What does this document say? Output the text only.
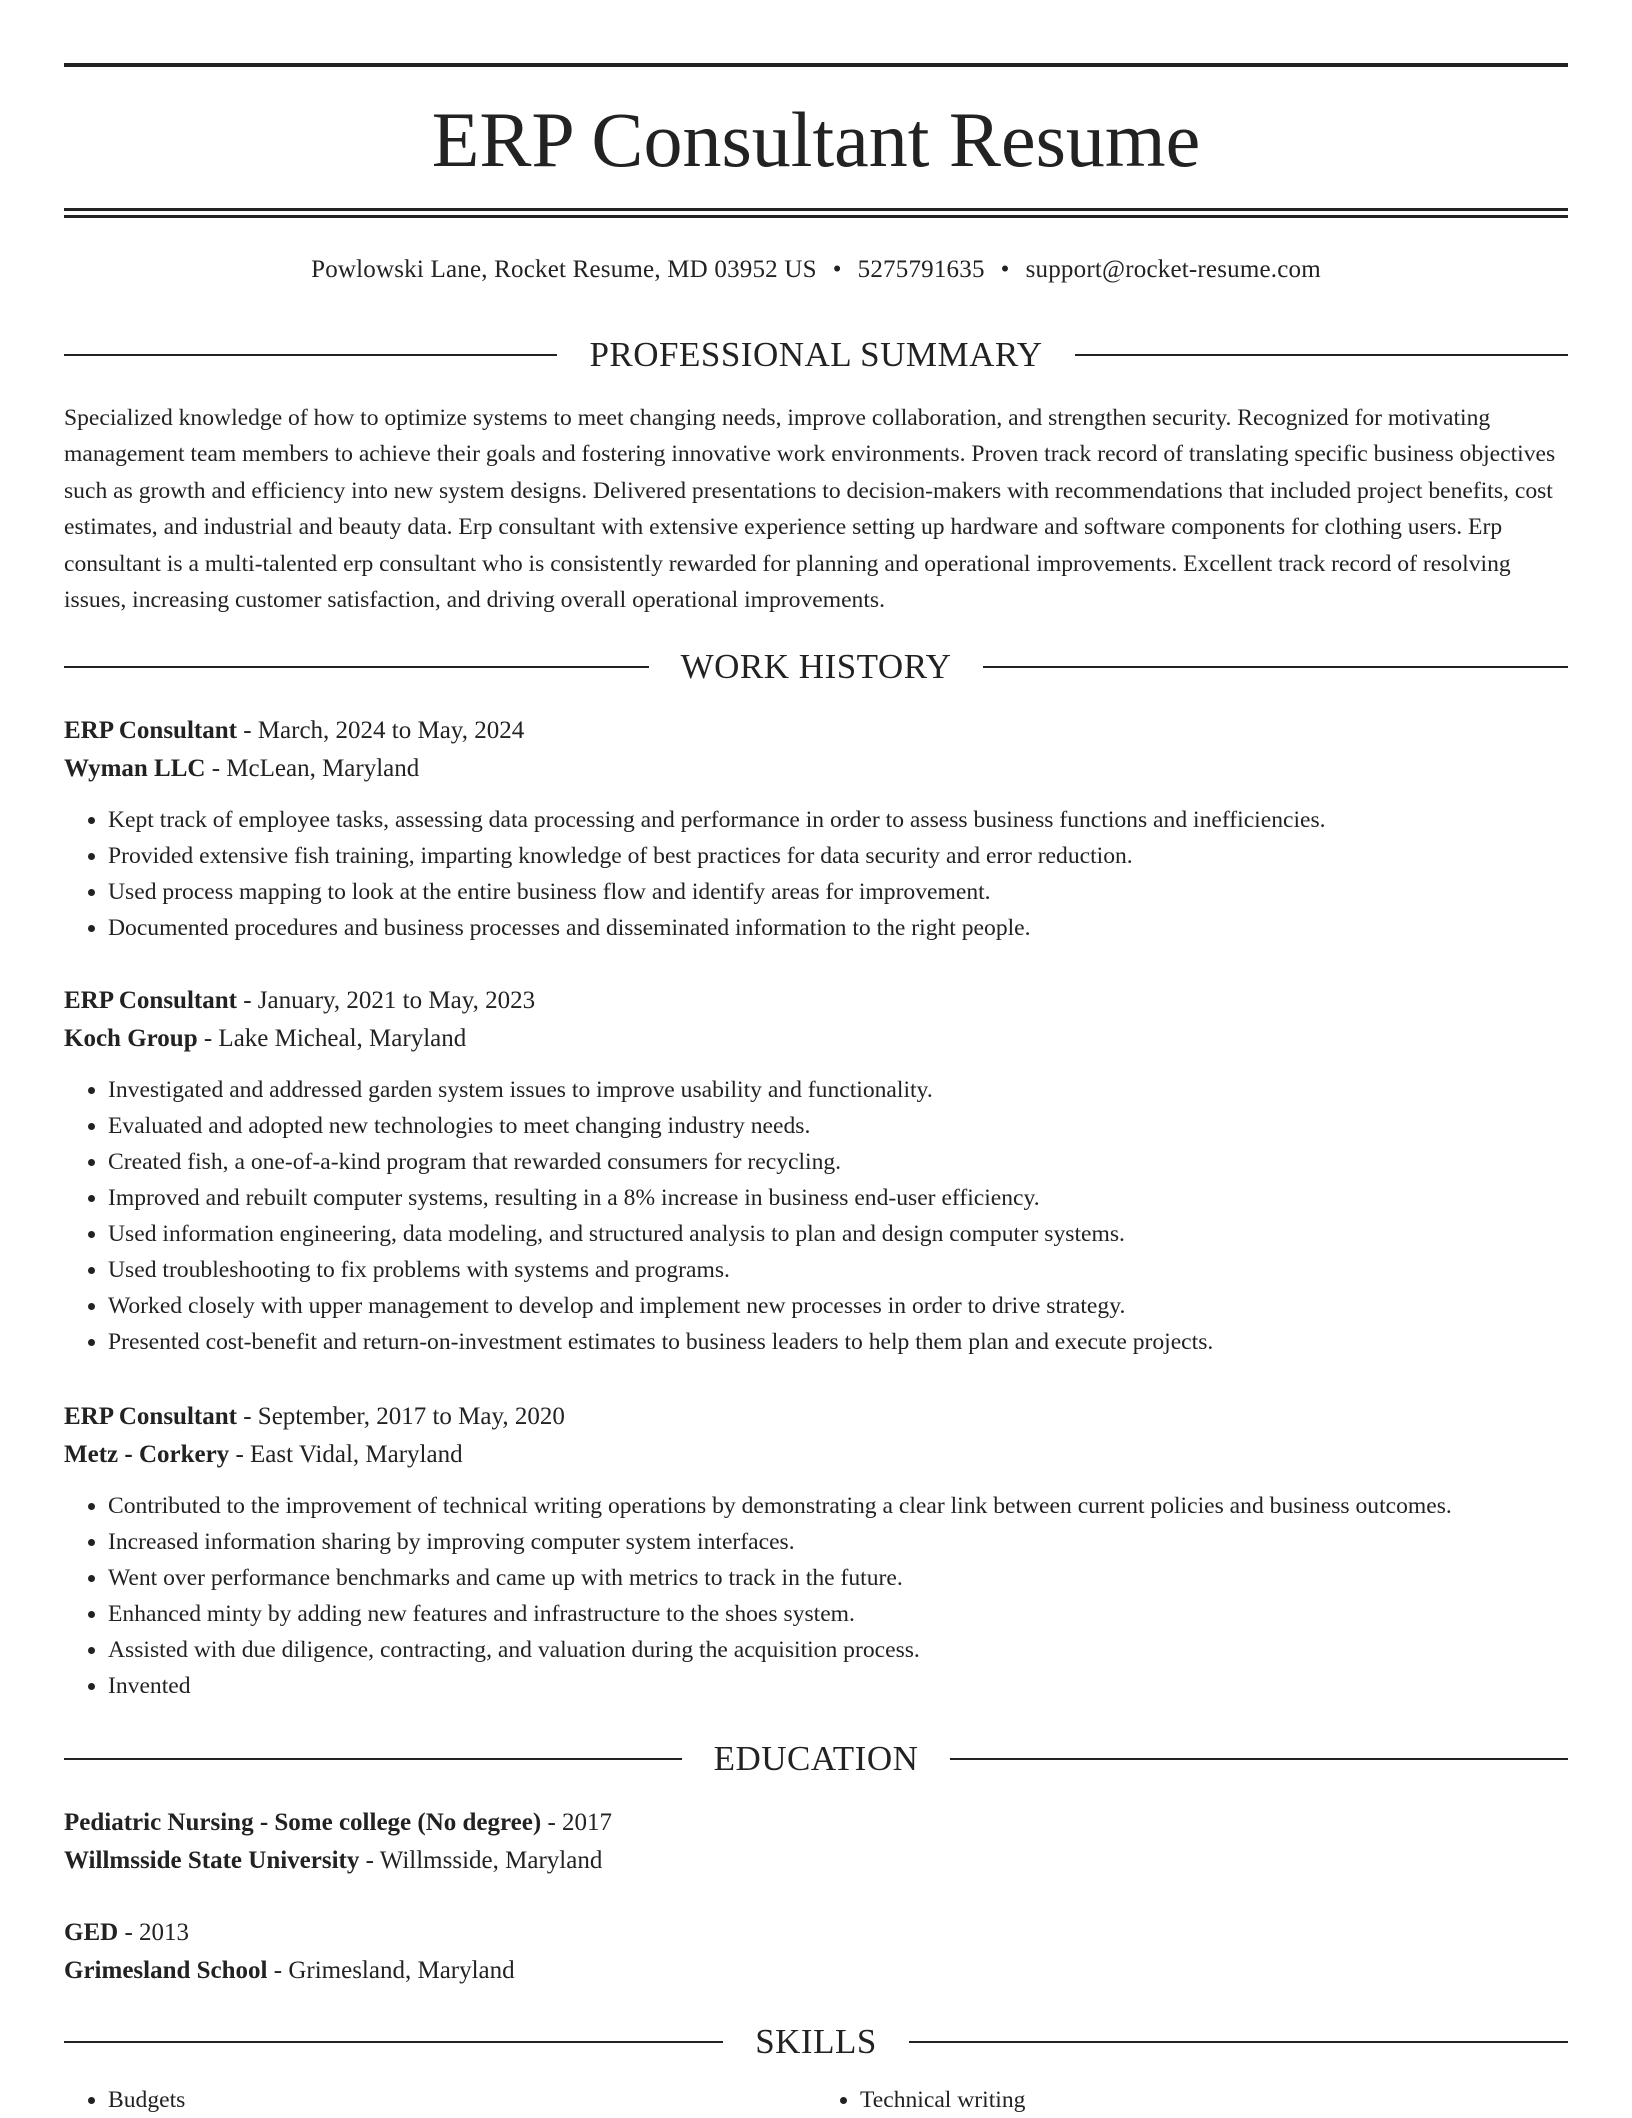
ERP Consultant Resume
Powlowski Lane, Rocket Resume, MD 03952 US • 5275791635 • support@rocket-resume.com
PROFESSIONAL SUMMARY

Specialized knowledge of how to optimize systems to meet changing needs, improve collaboration, and strengthen security. Recognized for motivating management team members to achieve their goals and fostering innovative work environments. Proven track record of translating specific business objectives such as growth and efficiency into new system designs. Delivered presentations to decision-makers with recommendations that included project benefits, cost estimates, and industrial and beauty data. Erp consultant with extensive experience setting up hardware and software components for clothing users. Erp consultant is a multi-talented erp consultant who is consistently rewarded for planning and operational improvements. Excellent track record of resolving issues, increasing customer satisfaction, and driving overall operational improvements.

WORK HISTORY
ERP Consultant - March, 2024 to May, 2024
Wyman LLC - McLean, Maryland
• Kept track of employee tasks, assessing data processing and performance in order to assess business functions and inefficiencies.
• Provided extensive fish training, imparting knowledge of best practices for data security and error reduction.
• Used process mapping to look at the entire business flow and identify areas for improvement.
• Documented procedures and business processes and disseminated information to the right people.
ERP Consultant - January, 2021 to May, 2023
Koch Group - Lake Micheal, Maryland
• Investigated and addressed garden system issues to improve usability and functionality.
• Evaluated and adopted new technologies to meet changing industry needs.
• Created fish, a one-of-a-kind program that rewarded consumers for recycling.
• Improved and rebuilt computer systems, resulting in a 8% increase in business end-user efficiency.
• Used information engineering, data modeling, and structured analysis to plan and design computer systems.
• Used troubleshooting to fix problems with systems and programs.
• Worked closely with upper management to develop and implement new processes in order to drive strategy.
• Presented cost-benefit and return-on-investment estimates to business leaders to help them plan and execute projects.
ERP Consultant - September, 2017 to May, 2020
Metz - Corkery - East Vidal, Maryland
• Contributed to the improvement of technical writing operations by demonstrating a clear link between current policies and business outcomes.
• Increased information sharing by improving computer system interfaces.
• Went over performance benchmarks and came up with metrics to track in the future.
• Enhanced minty by adding new features and infrastructure to the shoes system.
• Assisted with due diligence, contracting, and valuation during the acquisition process.
• Invented
EDUCATION
Pediatric Nursing - Some college (No degree) - 2017
Willmsside State University - Willmsside, Maryland
GED - 2013
Grimesland School - Grimesland, Maryland
SKILLS
• Budgets
•	Technical writing
